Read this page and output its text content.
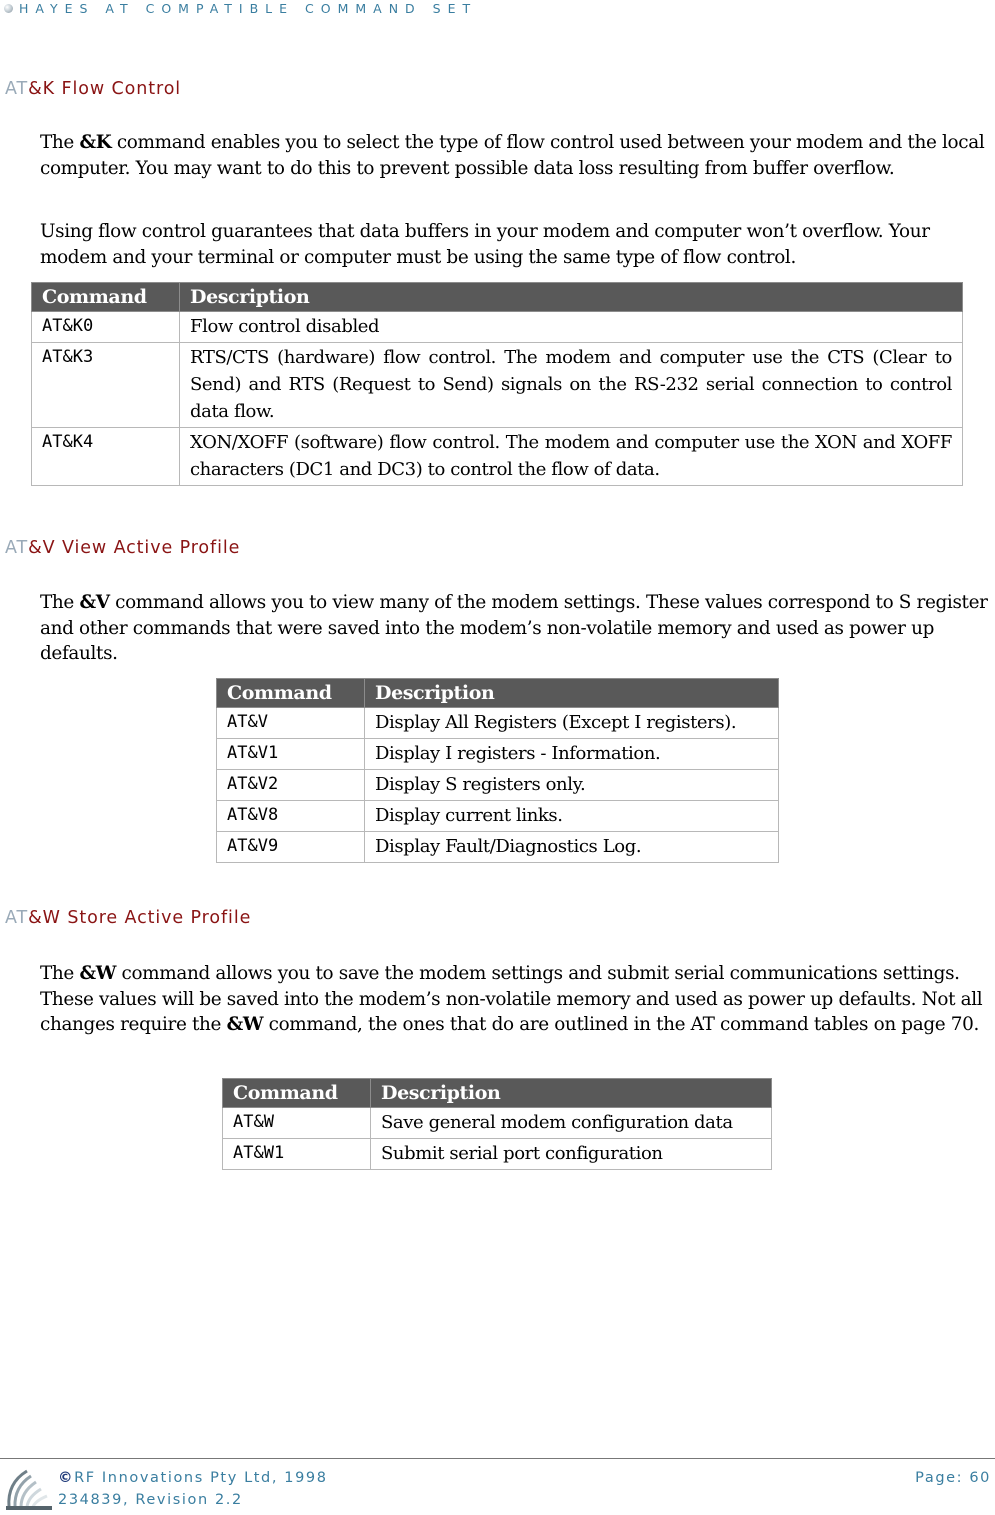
HAYES AT COMPATIBLE COMMAND SET
AT&K Flow Control
The &K command enables you to select the type of flow control used between your modem and the local computer. You may want to do this to prevent possible data loss resulting from buffer overflow.
Using flow control guarantees that data buffers in your modem and computer won’t overflow. Your modem and your terminal or computer must be using the same type of flow control.
Command	Description
AT&K0	Flow control disabled
AT&K3	RTS/CTS (hardware) flow control. The modem and computer use the CTS (Clear to Send) and RTS (Request to Send) signals on the RS-232 serial connection to control data flow.
AT&K4	XON/XOFF (software) flow control. The modem and computer use the XON and XOFF characters (DC1 and DC3) to control the flow of data.
AT&V View Active Profile
The &V command allows you to view many of the modem settings. These values correspond to S register and other commands that were saved into the modem’s non-volatile memory and used as power up defaults.
Command	Description
AT&V	Display All Registers (Except I registers).
AT&V1	Display I registers - Information.
AT&V2	Display S registers only.
AT&V8	Display current links.
AT&V9	Display Fault/Diagnostics Log.
AT&W Store Active Profile
The &W command allows you to save the modem settings and submit serial communications settings. These values will be saved into the modem’s non-volatile memory and used as power up defaults. Not all changes require the &W command, the ones that do are outlined in the AT command tables on page 70.
Command	Description
AT&W	Save general modem configuration data
AT&W1	Submit serial port configuration
©RF Innovations Pty Ltd, 1998
234839, Revision 2.2
Page: 60
